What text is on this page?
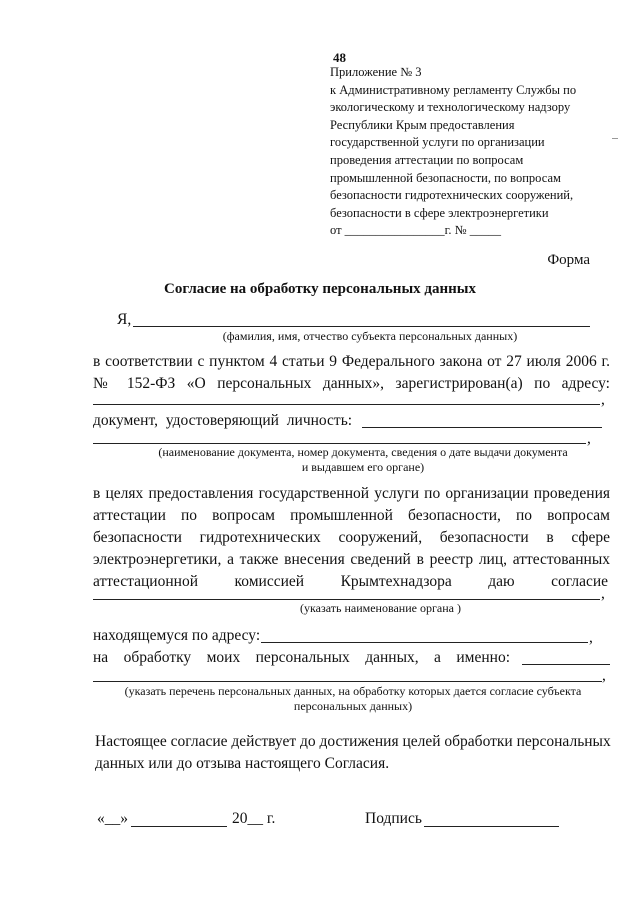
48
Приложение № 3
к Административному регламенту Службы по
экологическому и технологическому надзору
Республики Крым предоставления
государственной услуги по организации
проведения аттестации по вопросам
промышленной безопасности, по вопросам
безопасности гидротехнических сооружений,
безопасности в сфере электроэнергетики
от ________________г. № _____
Форма
Согласие на обработку персональных данных
Я,
(фамилия, имя, отчество субъекта персональных данных)
в соответствии с пунктом 4 статьи 9 Федерального закона от 27 июля 2006 г.
№ 152-ФЗ «О персональных данных», зарегистрирован(а) по адресу:
,
документ, удостоверяющий личность:
,
(наименование документа, номер документа, сведения о дате выдачи документа
и выдавшем его органе)
в целях предоставления государственной услуги по организации проведения
аттестации по вопросам промышленной безопасности, по вопросам
безопасности гидротехнических сооружений, безопасности в сфере
электроэнергетики, а также внесения сведений в реестр лиц, аттестованных
аттестационной комиссией Крымтехнадзора даю согласие
,
(указать наименование органа )
находящемуся по адресу:	,
на обработку моих персональных данных, а именно:
,
(указать перечень персональных данных, на обработку которых дается согласие субъекта
персональных данных)
Настоящее согласие действует до достижения целей обработки персональных
данных или до отзыва настоящего Согласия.
«__»	20__ г.	Подпись
